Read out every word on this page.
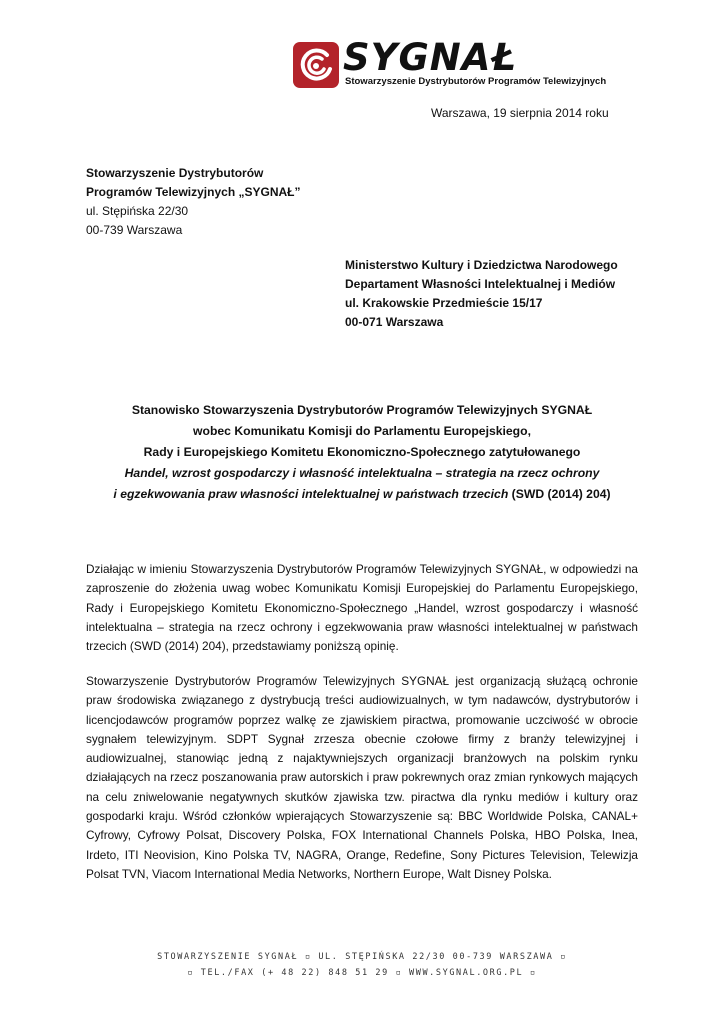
SYGNAŁ
Stowarzyszenie Dystrybutorów Programów Telewizyjnych
Warszawa, 19 sierpnia 2014 roku
Stowarzyszenie Dystrybutorów
Programów Telewizyjnych „SYGNAŁ”
ul. Stępińska 22/30
00-739 Warszawa
Ministerstwo Kultury i Dziedzictwa Narodowego
Departament Własności Intelektualnej i Mediów
ul. Krakowskie Przedmieście 15/17
00-071 Warszawa
Stanowisko Stowarzyszenia Dystrybutorów Programów Telewizyjnych SYGNAŁ
wobec Komunikatu Komisji do Parlamentu Europejskiego,
Rady i Europejskiego Komitetu Ekonomiczno-Społecznego zatytułowanego
Handel, wzrost gospodarczy i własność intelektualna – strategia na rzecz ochrony
i egzekwowania praw własności intelektualnej w państwach trzecich (SWD (2014) 204)

Działając w imieniu Stowarzyszenia Dystrybutorów Programów Telewizyjnych SYGNAŁ, w odpowiedzi na zaproszenie do złożenia uwag wobec Komunikatu Komisji Europejskiej do Parlamentu Europejskiego, Rady i Europejskiego Komitetu Ekonomiczno-Społecznego „Handel, wzrost gospodarczy i własność intelektualna – strategia na rzecz ochrony i egzekwowania praw własności intelektualnej w państwach trzecich (SWD (2014) 204), przedstawiamy poniższą opinię.

Stowarzyszenie Dystrybutorów Programów Telewizyjnych SYGNAŁ jest organizacją służącą ochronie praw środowiska związanego z dystrybucją treści audiowizualnych, w tym nadawców, dystrybutorów i licencjodawców programów poprzez walkę ze zjawiskiem piractwa, promowanie uczciwość w obrocie sygnałem telewizyjnym. SDPT Sygnał zrzesza obecnie czołowe firmy z branży telewizyjnej i audiowizualnej, stanowiąc jedną z najaktywniejszych organizacji branżowych na polskim rynku działających na rzecz poszanowania praw autorskich i praw pokrewnych oraz zmian rynkowych mających na celu zniwelowanie negatywnych skutków zjawiska tzw. piractwa dla rynku mediów i kultury oraz gospodarki kraju. Wśród członków wpierających Stowarzyszenie są: BBC Worldwide Polska, CANAL+ Cyfrowy, Cyfrowy Polsat, Discovery Polska, FOX International Channels Polska, HBO Polska, Inea, Irdeto, ITI Neovision, Kino Polska TV, NAGRA, Orange, Redefine, Sony Pictures Television, Telewizja Polsat TVN, Viacom International Media Networks, Northern Europe, Walt Disney Polska.

STOWARZYSZENIE SYGNAŁ ▫ UL. STĘPIŃSKA 22/30 00-739 WARSZAWA ▫
▫ TEL./FAX (+ 48 22) 848 51 29 ▫ WWW.SYGNAL.ORG.PL ▫
